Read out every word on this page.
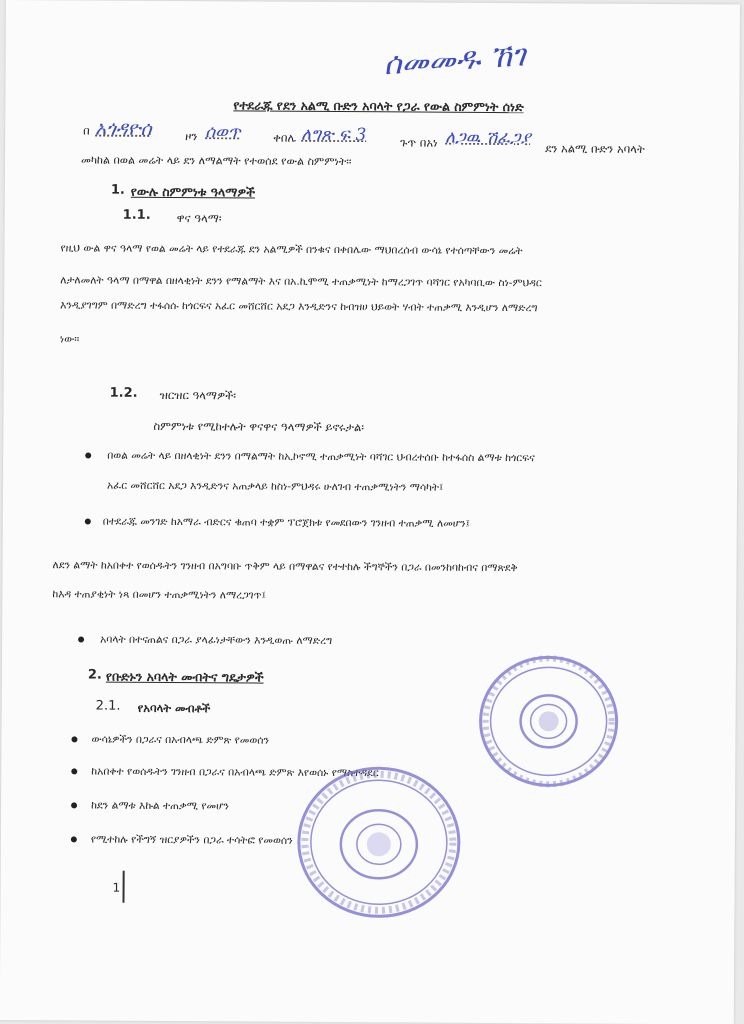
ሰመመዱ ኸገ
የተደራጁ የደን አልሚ ቡድን አባላት የጋራ የውል ስምምነት ሰነድ
በ አጎዳዮሰ	ዞን ሰወጥ	ቀበሌ ለግጽ ፍ 3	ጉጥ በአነ ለጋዉ ሽፈጋያ
ደን አልሚ ቡድን አባላት
መካከል በወል መሬት ላይ ደን ለማልማት የተወሰደ የውል ስምምነት፡፡
1. የውሉ ስምምነቱ ዓላማዎች
1.1. ዋና ዓላማ፡
የዚህ ውል ዋና ዓላማ የወል መሬት ላይ የተደራጁ ደን አልሚዎች በንቁና በቀበሌው ማህበረሰብ ውሳኔ የተሰጣቸውን መሬት
ለታለመለት ዓላማ በማዋል በዘላቂነት ደንን የማልማት እና በአ.ኪሞሚ ተጠቃሚነት ከማረጋገጥ ባሻገር የአካባቢው ስነ-ምህዳር
እንዲያገግም በማድረግ ተፋሰሱ ከጎርፍና አፈር መሸርሸር አደጋ እንዲድንና ከብዝሀ ህይወት ሃብት ተጠቃሚ እንዲሆን ለማድረግ
ነው፡፡
1.2. ዝርዝር ዓላማዎች፡
ስምምነቱ የሚከተሉት ዋናዋና ዓላማዎች ይኖሩታል፡
በወል መሬት ላይ በዘላቂነት ደንን በማልማት ከኢኮኖሚ ተጠቃሚነት ባሻገር ህብረተሰቡ ከተፋሰስ ልማቱ ከጎርፍና
አፈር መሸርሸር አደጋ እንዲድንና አጠቃላይ ከስነ-ምህዳሩ ሁለገብ ተጠቃሚነትን ማሳካት፤
በተደራጁ መንገድ ከአማራ ብድርና ቁጠባ ተቋም ፕሮጀክቱ የመደበውን ገንዘብ ተጠቃሚ ለመሆን፤
ለደን ልማት ከአበቀተ የወሰዱትን ገንዘብ በአግባቡ ጥቅም ላይ በማዋልና የተተከሉ ችግኞችን በጋራ በመንከባከብና በማጽደቅ
ከእዳ ተጠያቂነት ነጻ በመሆን ተጠቃሚነትን ለማረጋገጥ፤
አባላት በተናጠልና በጋራ ያላፊነታቸውን እንዲወጡ ለማድረግ
2. የቡድኑን አባላት መብትና ግዴታዎች
2.1. የአባላት መብቶች
ውሳኔዎችን በጋራና በአብላጫ ድምጽ የመወሰን
ከአበቀተ የወሰዱትን ገንዘብ በጋራና በአብላጫ ድምጽ እየወሰኑ የማስተዳደር
ከደን ልማቱ እኩል ተጠቃሚ የመሆን
የሚተከሉ የችግኝ ዝርያዎችን በጋራ ተሳትፎ የመወሰን
1
